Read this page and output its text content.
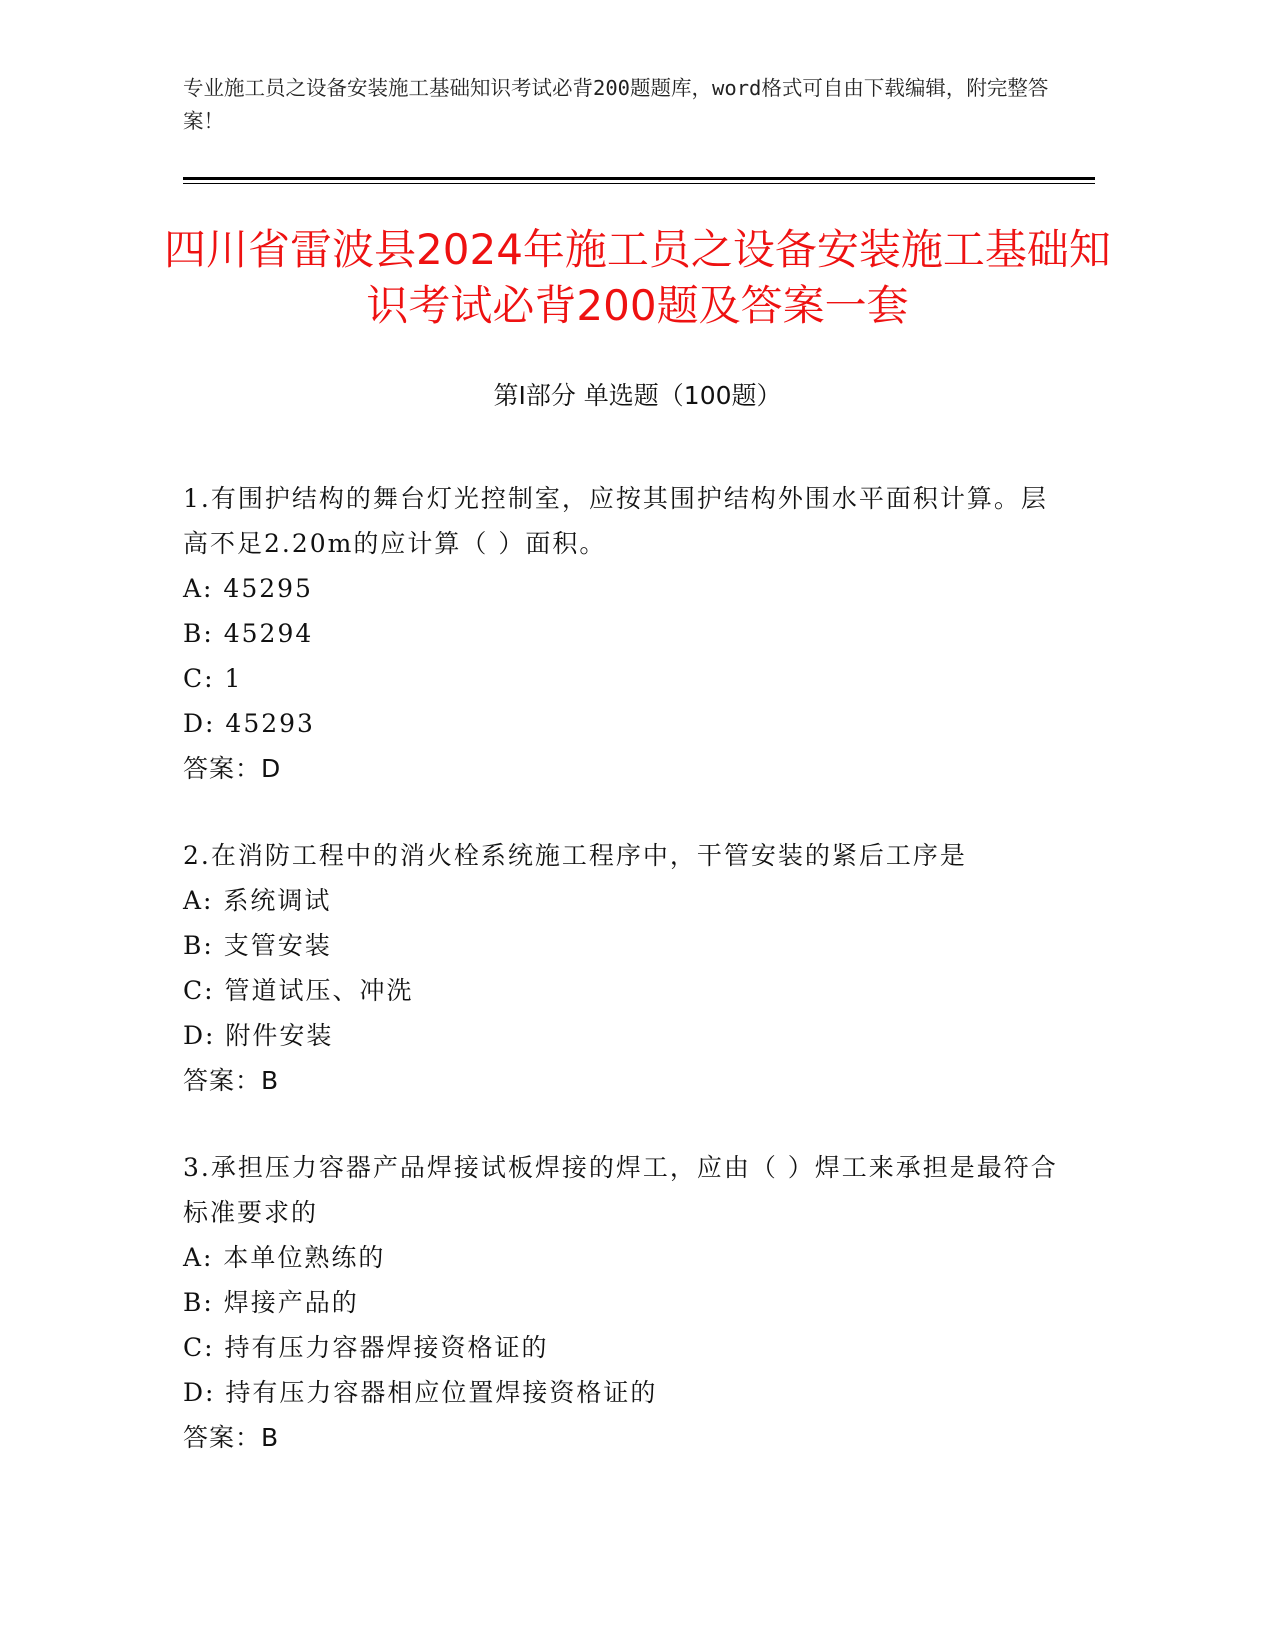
专业施工员之设备安装施工基础知识考试必背200题题库，word格式可自由下载编辑，附完整答案！
四川省雷波县2024年施工员之设备安装施工基础知识考试必背200题及答案一套
第Ⅰ部分 单选题（100题）
1.有围护结构的舞台灯光控制室，应按其围护结构外围水平面积计算。层高不足2.20m的应计算（ ）面积。
A: 45295
B: 45294
C: 1
D: 45293
答案：D
2.在消防工程中的消火栓系统施工程序中，干管安装的紧后工序是
A: 系统调试
B: 支管安装
C: 管道试压、冲洗
D: 附件安装
答案：B
3.承担压力容器产品焊接试板焊接的焊工，应由（ ）焊工来承担是最符合标准要求的
A: 本单位熟练的
B: 焊接产品的
C: 持有压力容器焊接资格证的
D: 持有压力容器相应位置焊接资格证的
答案：B
